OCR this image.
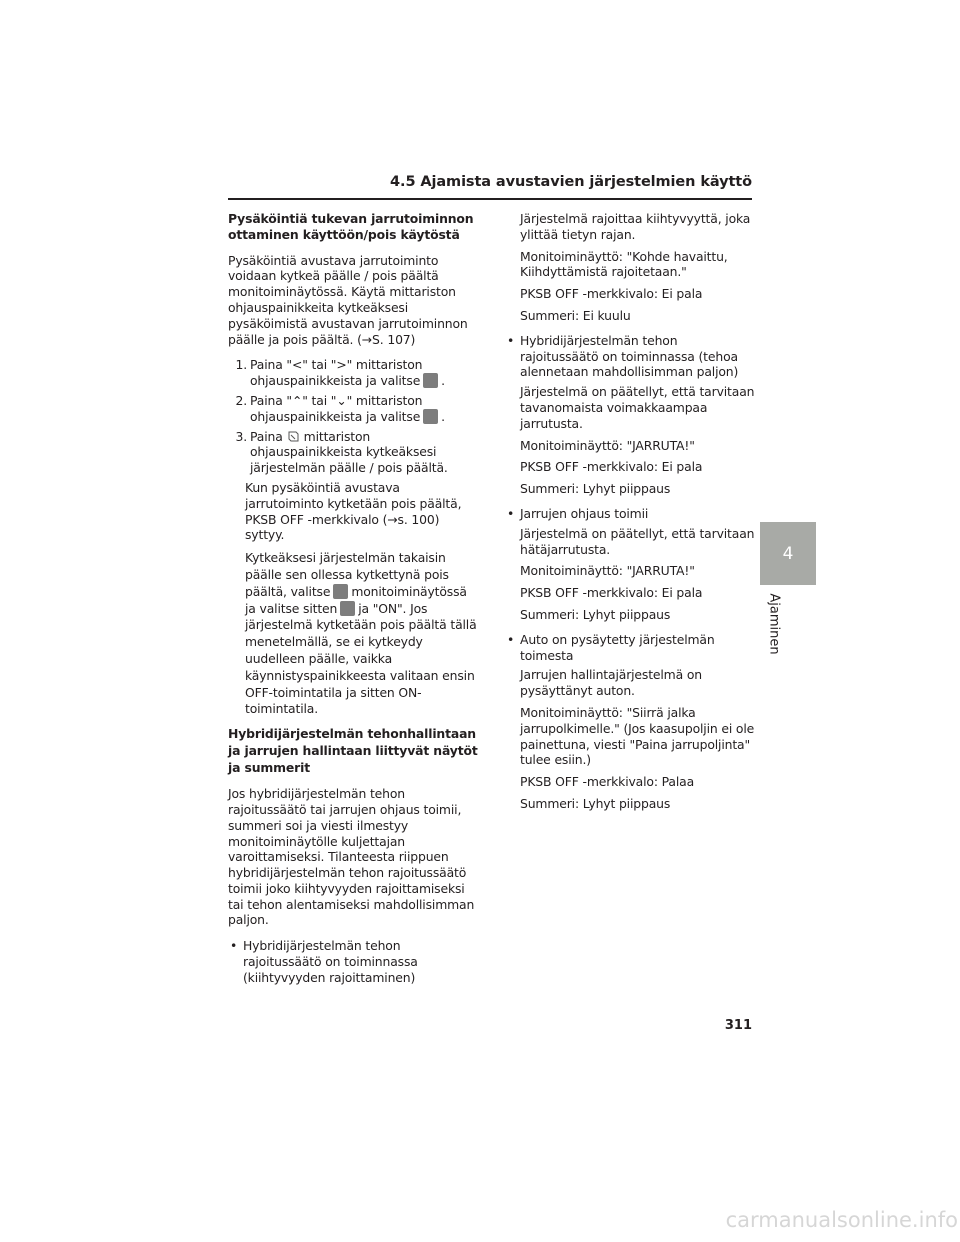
4.5 Ajamista avustavien järjestelmien käyttö
Pysäköintiä tukevan jarrutoiminnon ottaminen käyttöön/pois käytöstä
Pysäköintiä avustava jarrutoiminto voidaan kytkeä päälle / pois päältä monitoiminäytössä. Käytä mittariston ohjauspainikkeita kytkeäksesi pysäköimistä avustavan jarrutoiminnon päälle ja pois päältä. (→S. 107)
1. Paina "<" tai ">" mittariston ohjauspainikkeista ja valitse .
2. Paina "⌃" tai "⌄" mittariston ohjauspainikkeista ja valitse .
3. Paina mittariston ohjauspainikkeista kytkeäksesi järjestelmän päälle / pois päältä.
Kun pysäköintiä avustava jarrutoiminto kytketään pois päältä, PKSB OFF -merkkivalo (→s. 100) syttyy.
Kytkeäksesi järjestelmän takaisin päälle sen ollessa kytkettynä pois päältä, valitse monitoiminäytössä ja valitse sitten ja "ON". Jos järjestelmä kytketään pois päältä tällä menetelmällä, se ei kytkeydy uudelleen päälle, vaikka käynnistyspainikkeesta valitaan ensin OFF-toimintatila ja sitten ON-toimintatila.
Hybridijärjestelmän tehonhallintaan ja jarrujen hallintaan liittyvät näytöt ja summerit
Jos hybridijärjestelmän tehon rajoitussäätö tai jarrujen ohjaus toimii, summeri soi ja viesti ilmestyy monitoiminäytölle kuljettajan varoittamiseksi. Tilanteesta riippuen hybridijärjestelmän tehon rajoitussäätö toimii joko kiihtyvyyden rajoittamiseksi tai tehon alentamiseksi mahdollisimman paljon.
• Hybridijärjestelmän tehon rajoitussäätö on toiminnassa (kiihtyvyyden rajoittaminen)
Järjestelmä rajoittaa kiihtyvyyttä, joka ylittää tietyn rajan.
Monitoiminäyttö: "Kohde havaittu, Kiihdyttämistä rajoitetaan."
PKSB OFF -merkkivalo: Ei pala
Summeri: Ei kuulu
• Hybridijärjestelmän tehon rajoitussäätö on toiminnassa (tehoa alennetaan mahdollisimman paljon)
Järjestelmä on päätellyt, että tarvitaan tavanomaista voimakkaampaa jarrutusta.
Monitoiminäyttö: "JARRUTA!"
PKSB OFF -merkkivalo: Ei pala
Summeri: Lyhyt piippaus
• Jarrujen ohjaus toimii
Järjestelmä on päätellyt, että tarvitaan hätäjarrutusta.
Monitoiminäyttö: "JARRUTA!"
PKSB OFF -merkkivalo: Ei pala
Summeri: Lyhyt piippaus
• Auto on pysäytetty järjestelmän toimesta
Jarrujen hallintajärjestelmä on pysäyttänyt auton.
Monitoiminäyttö: "Siirrä jalka jarrupolkimelle." (Jos kaasupoljin ei ole painettuna, viesti "Paina jarrupoljinta" tulee esiin.)
PKSB OFF -merkkivalo: Palaa
Summeri: Lyhyt piippaus
4
Ajaminen
311
carmanualsonline.info
